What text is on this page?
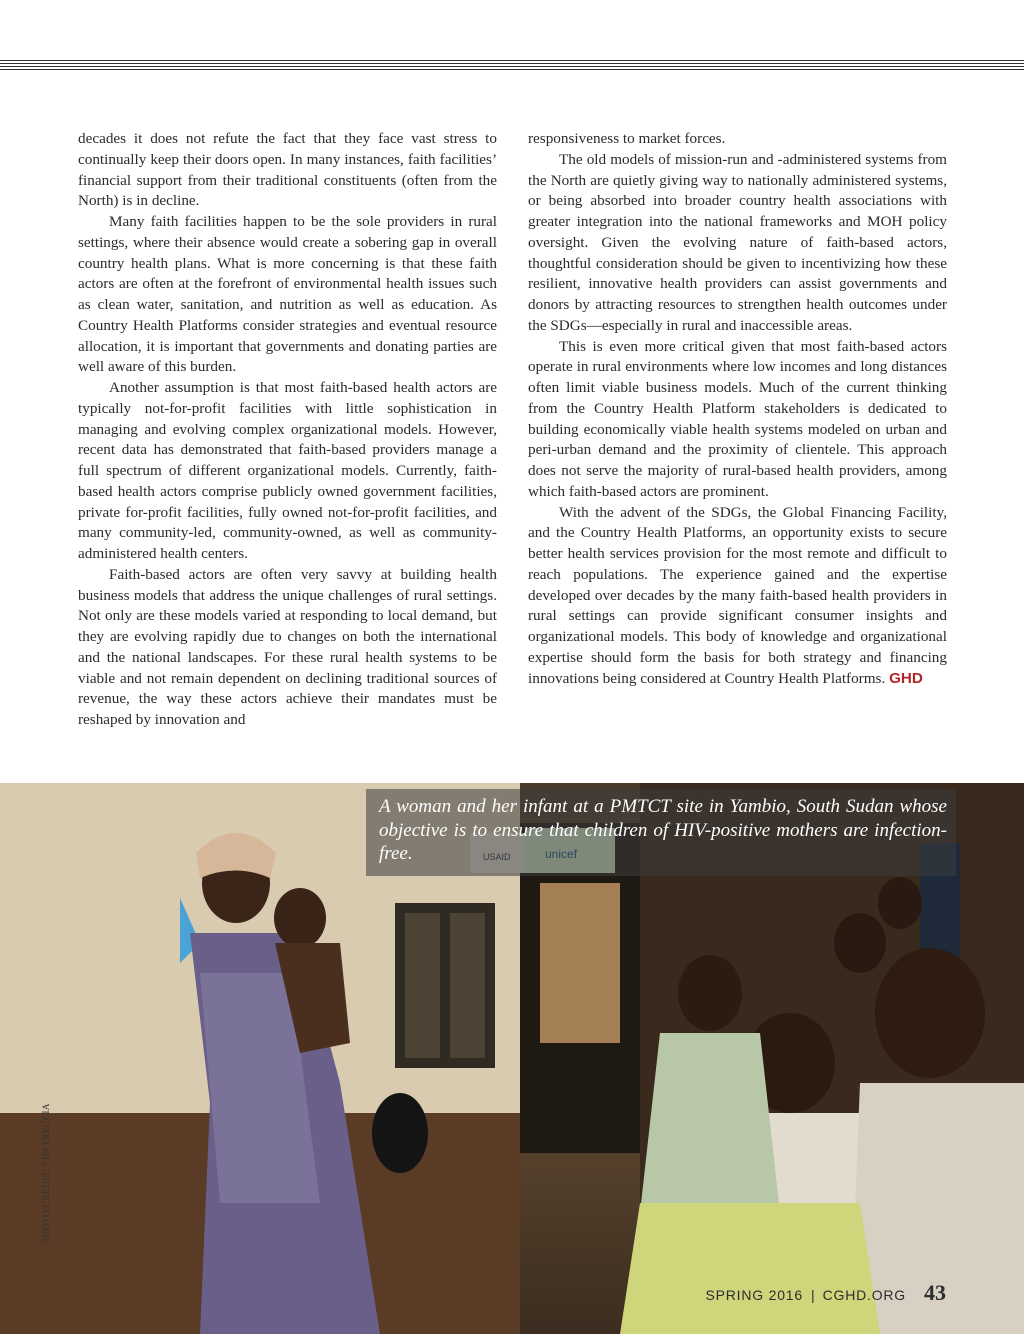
decades it does not refute the fact that they face vast stress to continually keep their doors open. In many instances, faith facilities’ financial support from their traditional constituents (often from the North) is in decline.

Many faith facilities happen to be the sole providers in rural settings, where their absence would create a sobering gap in overall country health plans. What is more concerning is that these faith actors are often at the forefront of environmental health issues such as clean water, sanitation, and nutrition as well as education. As Country Health Platforms consider strategies and eventual resource allocation, it is important that governments and donating parties are well aware of this burden.

Another assumption is that most faith-based health actors are typically not-for-profit facilities with little sophistication in managing and evolving complex organizational models. However, recent data has demonstrated that faith-based providers manage a full spectrum of different organizational models. Currently, faith-based health actors comprise publicly owned government facilities, private for-profit facilities, fully owned not-for-profit facilities, and many community-led, community-owned, as well as community-administered health centers.

Faith-based actors are often very savvy at building health business models that address the unique challenges of rural settings. Not only are these models varied at responding to local demand, but they are evolving rapidly due to changes on both the international and the national landscapes. For these rural health systems to be viable and not remain dependent on declining traditional sources of revenue, the way these actors achieve their mandates must be reshaped by innovation and

responsiveness to market forces.

The old models of mission-run and -administered systems from the North are quietly giving way to nationally administered systems, or being absorbed into broader country health associations with greater integration into the national frameworks and MOH policy oversight. Given the evolving nature of faith-based actors, thoughtful consideration should be given to incentivizing how these resilient, innovative health providers can assist governments and donors by attracting resources to strengthen health outcomes under the SDGs—especially in rural and inaccessible areas.

This is even more critical given that most faith-based actors operate in rural environments where low incomes and long distances often limit viable business models. Much of the current thinking from the Country Health Platform stakeholders is dedicated to building economically viable health systems modeled on urban and peri-urban demand and the proximity of clientele. This approach does not serve the majority of rural-based health providers, among which faith-based actors are prominent.

With the advent of the SDGs, the Global Financing Facility, and the Country Health Platforms, an opportunity exists to secure better health services provision for the most remote and difficult to reach populations. The experience gained and the expertise developed over decades by the many faith-based health providers in rural settings can provide significant consumer insights and organizational models. This body of knowledge and organizational expertise should form the basis for both strategy and financing innovations being considered at Country Health Platforms. GHD

A woman and her infant at a PMTCT site in Yambio, South Sudan whose objective is to ensure that children of HIV-positive mothers are infection-free.
PHOTO CREDIT: TIM FRECCIA
SPRING 2016 | CGHD.ORG 43
